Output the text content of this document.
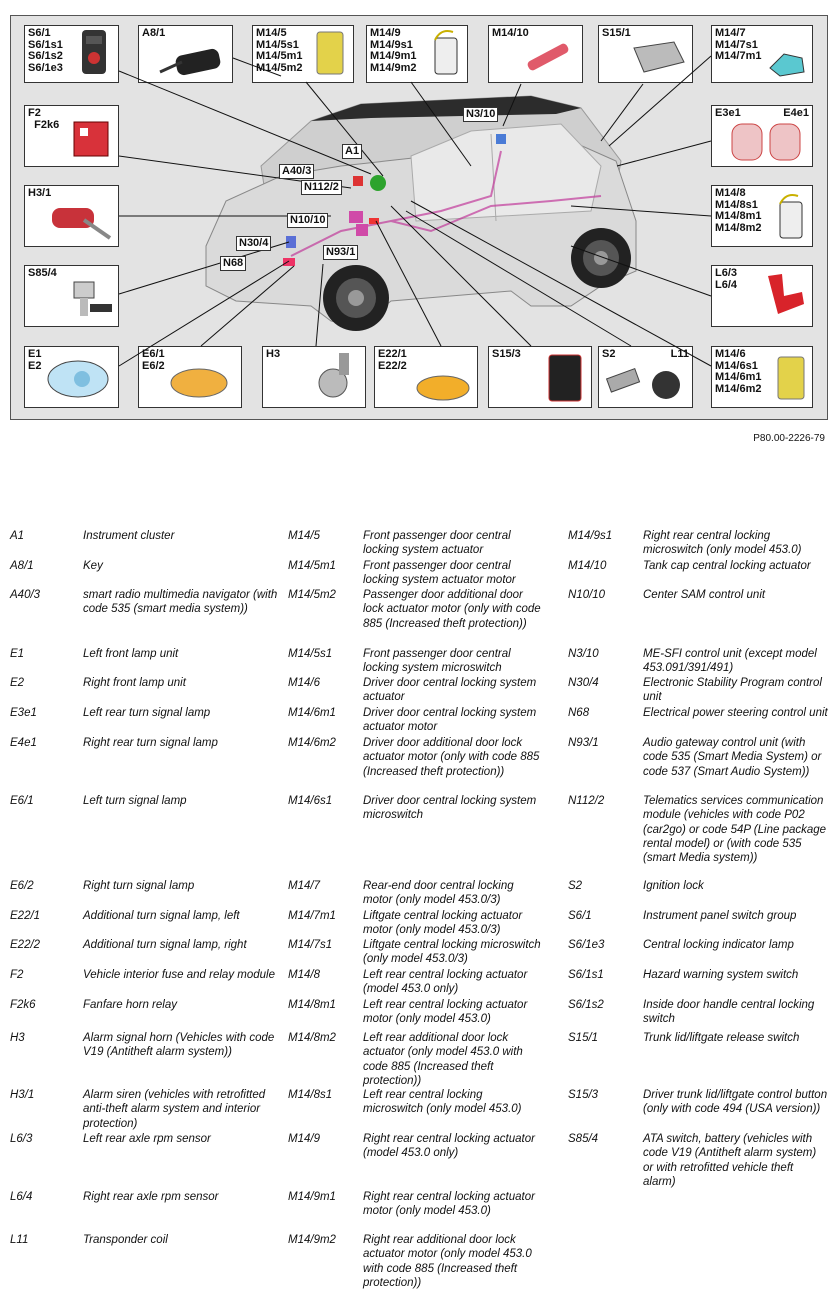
S6/1
S6/1s1
S6/1s2
S6/1e3
A8/1	M14/5
M14/5s1
M14/5m1
M14/5m2
M14/9
M14/9s1
M14/9m1
M14/9m2
M14/10	S15/1	M14/7
M14/7s1
M14/7m1
F2
F2k6
E3e1	E4e1
H3/1	M14/8
M14/8s1
M14/8m1
M14/8m2
S85/4	L6/3
L6/4
E1
E2
E6/1
E6/2
H3	E22/1
E22/2
S15/3	S2	L11 M14/6
M14/6s1
M14/6m1
M14/6m2
N3/10
A1
A40/3
N112/2
N10/10
N30/4
N68
N93/1
P80.00-2226-79
A1	Instrument cluster
A8/1	Key
A40/3	smart radio multimedia navigator (with code 535 (smart media system))
E1	Left front lamp unit
E2	Right front lamp unit
E3e1	Left rear turn signal lamp
E4e1	Right rear turn signal lamp
E6/1	Left turn signal lamp
E6/2	Right turn signal lamp
E22/1	Additional turn signal lamp, left
E22/2	Additional turn signal lamp, right
F2	Vehicle interior fuse and relay module
F2k6	Fanfare horn relay
H3	Alarm signal horn (Vehicles with code V19 (Antitheft alarm system))
H3/1	Alarm siren (vehicles with retrofitted anti-theft alarm system and interior protection)
L6/3	Left rear axle rpm sensor
L6/4	Right rear axle rpm sensor
L11	Transponder coil
M14/5	Front passenger door central locking system actuator
M14/5m1 Front passenger door central locking system actuator motor
M14/5m2 Passenger door additional door lock actuator motor (only with code 885 (Increased theft protection))
M14/5s1	Front passenger door central locking system microswitch
M14/6	Driver door central locking system actuator
M14/6m1 Driver door central locking system actuator motor
M14/6m2 Driver door additional door lock actuator motor (only with code 885 (Increased theft protection))
M14/6s1	Driver door central locking system microswitch
M14/7	Rear-end door central locking motor (only model 453.0/3)
M14/7m1 Liftgate central locking actuator motor (only model 453.0/3)
M14/7s1	Liftgate central locking microswitch (only model 453.0/3)
M14/8	Left rear central locking actuator (model 453.0 only)
M14/8m1 Left rear central locking actuator motor (only model 453.0)
M14/8m2 Left rear additional door lock actuator (only model 453.0 with code 885 (Increased theft protection))
M14/8s1	Left rear central locking microswitch (only model 453.0)
M14/9	Right rear central locking actuator (model 453.0 only)
M14/9m1 Right rear central locking actuator motor (only model 453.0)
M14/9m2 Right rear additional door lock actuator motor (only model 453.0 with code 885 (Increased theft protection))
M14/9s1	Right rear central locking microswitch (only model 453.0)
M14/10	Tank cap central locking actuator
N10/10	Center SAM control unit
N3/10	ME-SFI control unit (except model 453.091/391/491)
N30/4	Electronic Stability Program control unit
N68	Electrical power steering control unit
N93/1	Audio gateway control unit (with code 535 (Smart Media System) or code 537 (Smart Audio System))
N112/2	Telematics services communication module (vehicles with code P02 (car2go) or code 54P (Line package rental model) or (with code 535 (smart Media system))
S2	Ignition lock
S6/1	Instrument panel switch group
S6/1e3	Central locking indicator lamp
S6/1s1	Hazard warning system switch
S6/1s2	Inside door handle central locking switch
S15/1	Trunk lid/liftgate release switch
S15/3	Driver trunk lid/liftgate control button (only with code 494 (USA version))
S85/4	ATA switch, battery (vehicles with code V19 (Antitheft alarm system) or with retrofitted vehicle theft alarm)
